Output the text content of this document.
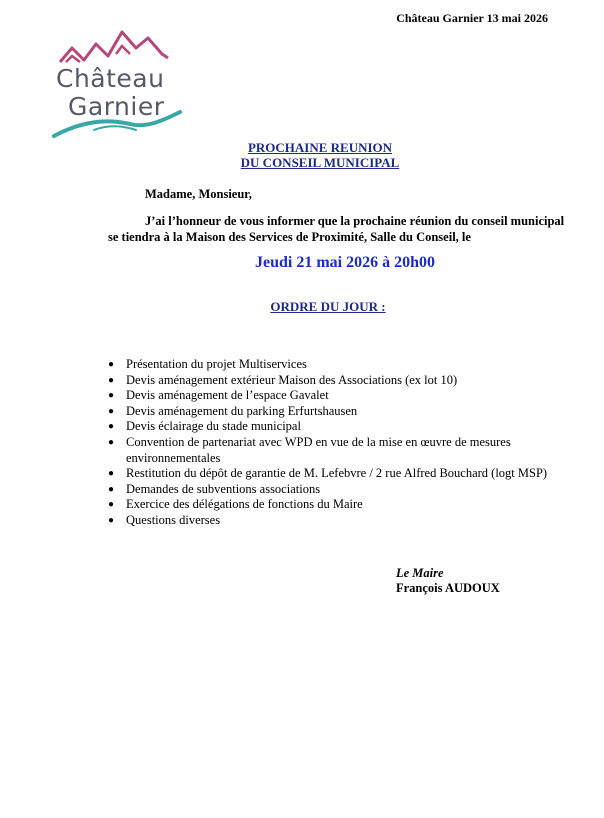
Château Garnier 13 mai 2026
Château
Garnier
PROCHAINE REUNION
DU CONSEIL MUNICIPAL
Madame, Monsieur,
J’ai l’honneur de vous informer que la prochaine réunion du conseil municipal
se tiendra à la Maison des Services de Proximité, Salle du Conseil, le
Jeudi 21 mai 2026 à 20h00
ORDRE DU JOUR :
● Présentation du projet Multiservices
● Devis aménagement extérieur Maison des Associations (ex lot 10)
● Devis aménagement de l’espace Gavalet
● Devis aménagement du parking Erfurtshausen
● Devis éclairage du stade municipal
● Convention de partenariat avec WPD en vue de la mise en œuvre de mesures environnementales
● Restitution du dépôt de garantie de M. Lefebvre / 2 rue Alfred Bouchard (logt MSP)
● Demandes de subventions associations
● Exercice des délégations de fonctions du Maire
● Questions diverses
Le Maire
François AUDOUX
